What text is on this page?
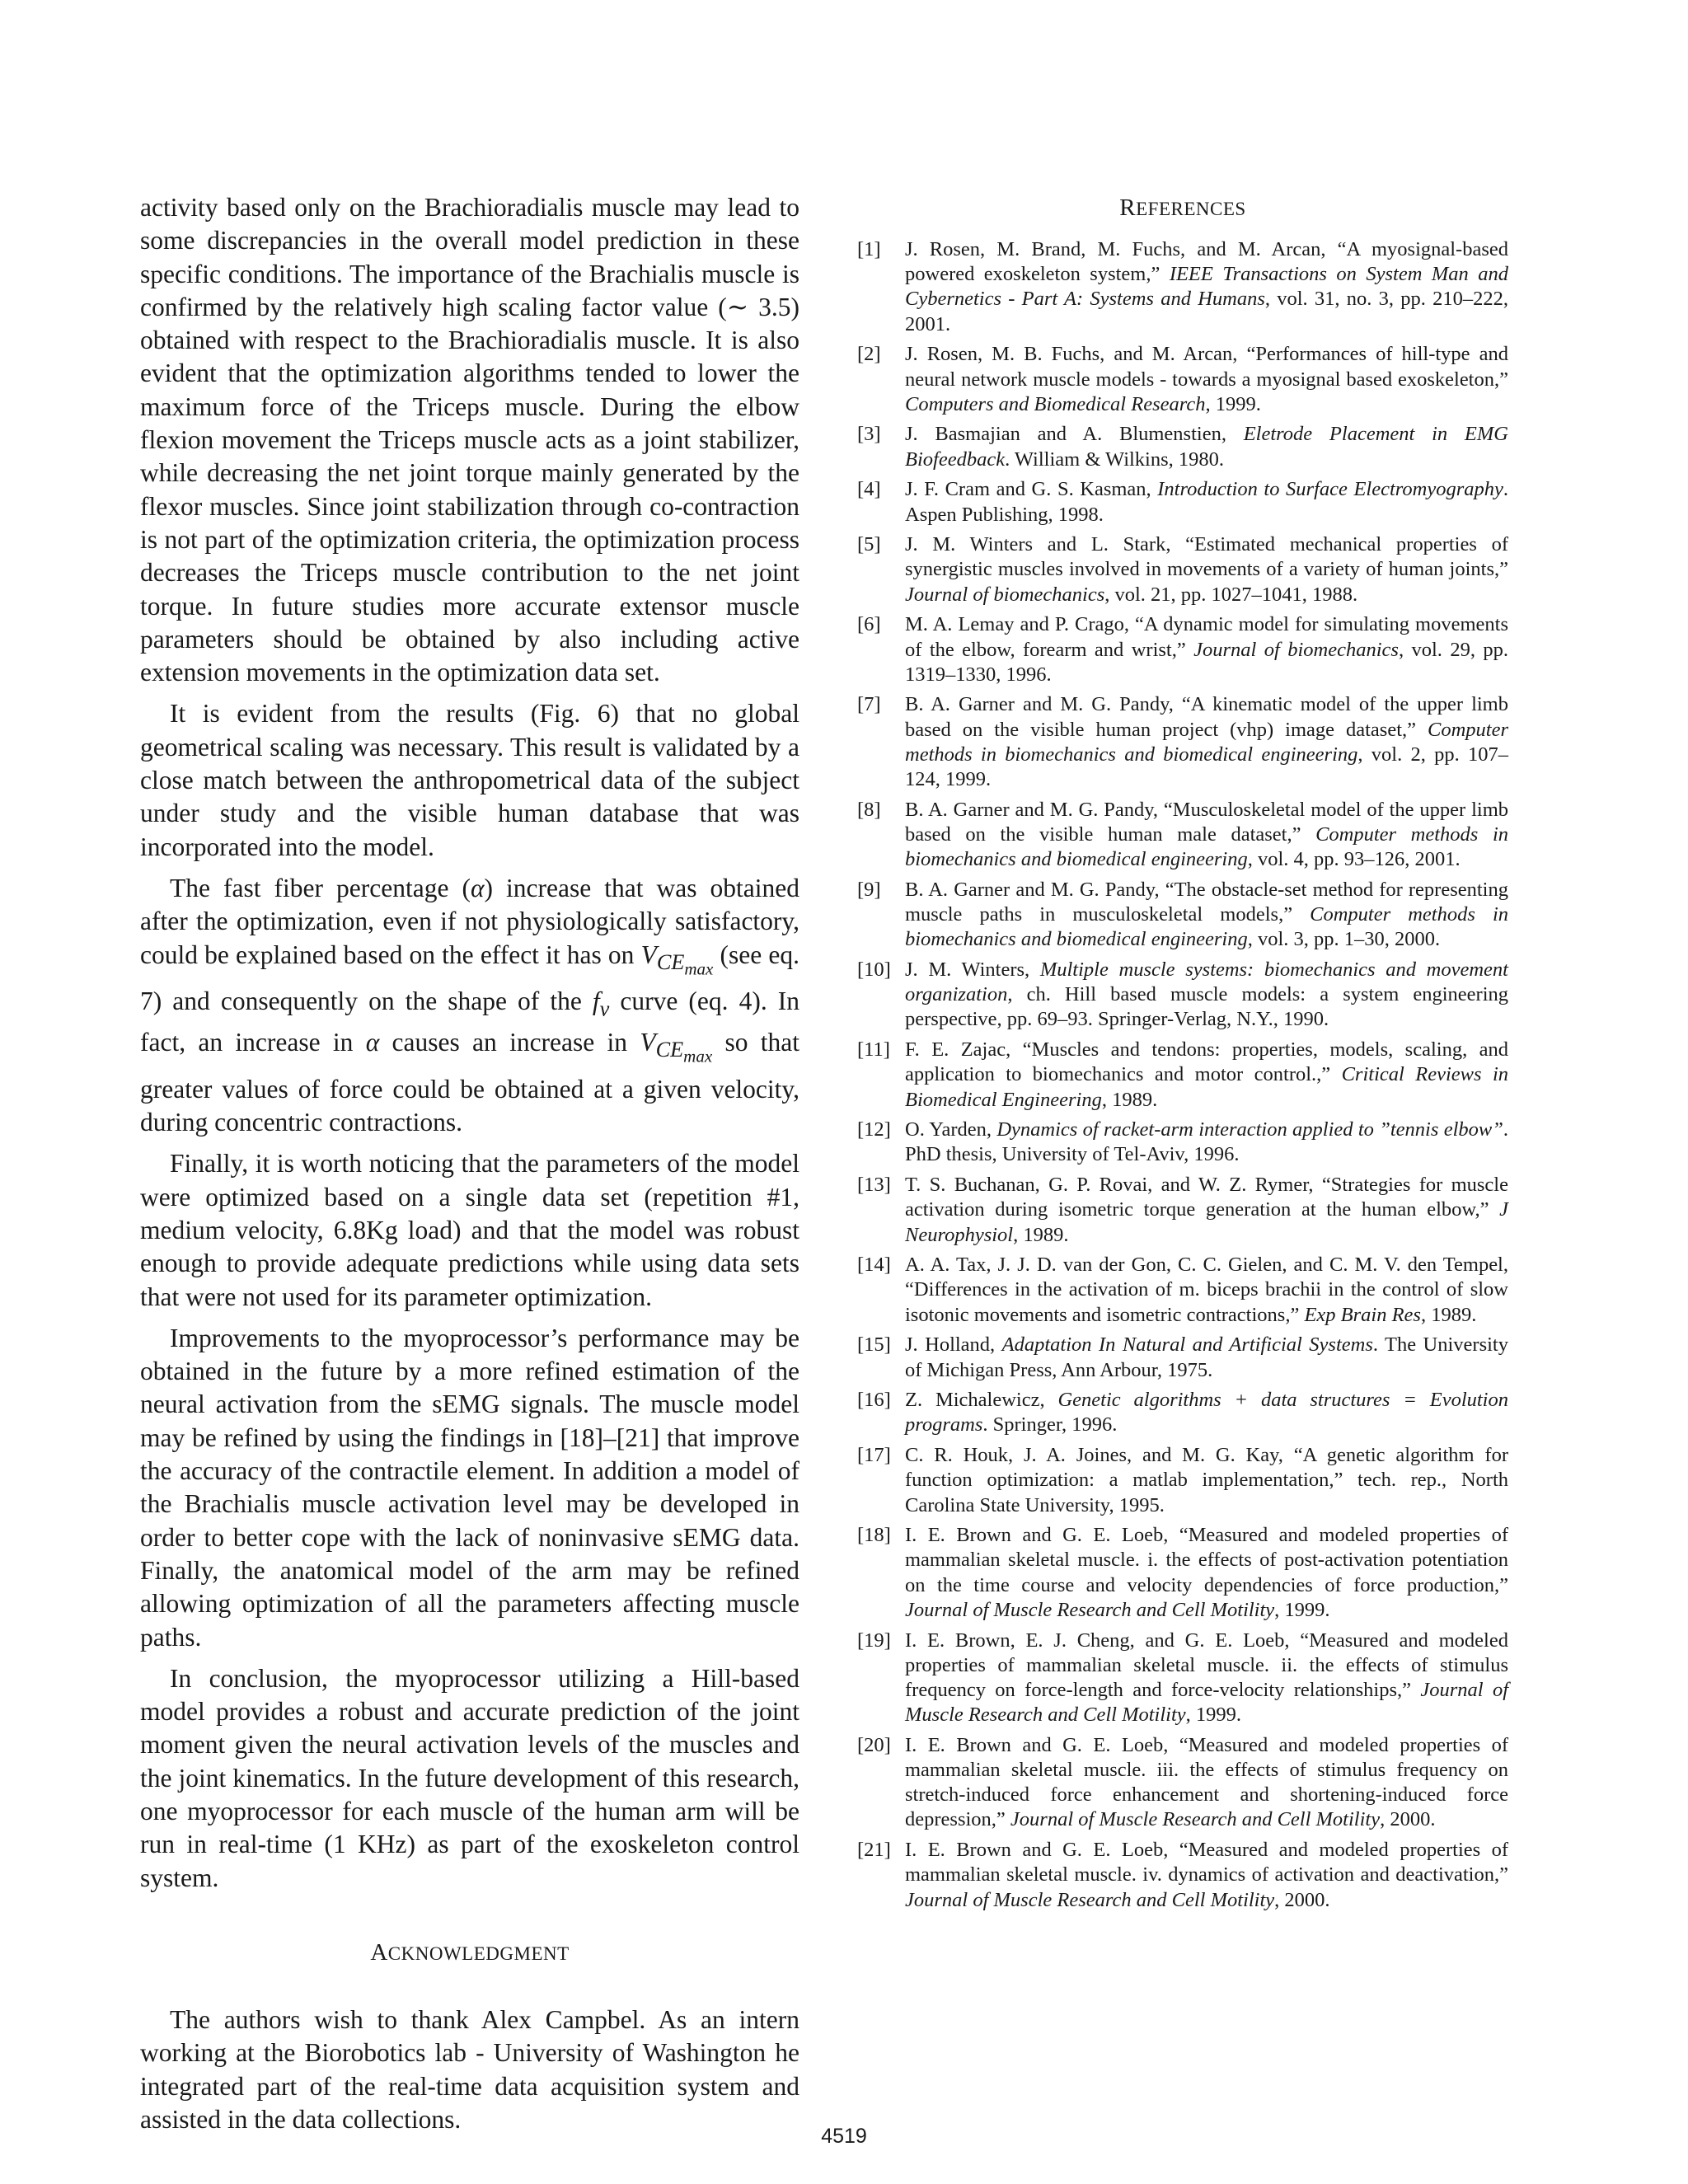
activity based only on the Brachioradialis muscle may lead to some discrepancies in the overall model prediction in these specific conditions. The importance of the Brachialis muscle is confirmed by the relatively high scaling factor value (∼ 3.5) obtained with respect to the Brachioradialis muscle. It is also evident that the optimization algorithms tended to lower the maximum force of the Triceps muscle. During the elbow flexion movement the Triceps muscle acts as a joint stabilizer, while decreasing the net joint torque mainly generated by the flexor muscles. Since joint stabilization through co-contraction is not part of the optimization criteria, the optimization process decreases the Triceps muscle contribution to the net joint torque. In future studies more accurate extensor muscle parameters should be obtained by also including active extension movements in the optimization data set.

It is evident from the results (Fig. 6) that no global geometrical scaling was necessary. This result is validated by a close match between the anthropometrical data of the subject under study and the visible human database that was incorporated into the model.

The fast fiber percentage (α) increase that was obtained after the optimization, even if not physiologically satisfactory, could be explained based on the effect it has on $V_{CE_{max}}$ (see eq. 7) and consequently on the shape of the $f_v$ curve (eq. 4). In fact, an increase in α causes an increase in $V_{CE_{max}}$ so that greater values of force could be obtained at a given velocity, during concentric contractions.

Finally, it is worth noticing that the parameters of the model were optimized based on a single data set (repetition #1, medium velocity, 6.8Kg load) and that the model was robust enough to provide adequate predictions while using data sets that were not used for its parameter optimization.

Improvements to the myoprocessor’s performance may be obtained in the future by a more refined estimation of the neural activation from the sEMG signals. The muscle model may be refined by using the findings in [18]–[21] that improve the accuracy of the contractile element. In addition a model of the Brachialis muscle activation level may be developed in order to better cope with the lack of noninvasive sEMG data. Finally, the anatomical model of the arm may be refined allowing optimization of all the parameters affecting muscle paths.

In conclusion, the myoprocessor utilizing a Hill-based model provides a robust and accurate prediction of the joint moment given the neural activation levels of the muscles and the joint kinematics. In the future development of this research, one myoprocessor for each muscle of the human arm will be run in real-time (1 KHz) as part of the exoskeleton control system.

ACKNOWLEDGMENT

The authors wish to thank Alex Campbel. As an intern working at the Biorobotics lab - University of Washington he integrated part of the real-time data acquisition system and assisted in the data collections.

REFERENCES
[1]	J. Rosen, M. Brand, M. Fuchs, and M. Arcan, “A myosignal-based powered exoskeleton system,” IEEE Transactions on System Man and Cybernetics - Part A: Systems and Humans, vol. 31, no. 3, pp. 210–222, 2001.
[2]	J. Rosen, M. B. Fuchs, and M. Arcan, “Performances of hill-type and neural network muscle models - towards a myosignal based exoskeleton,” Computers and Biomedical Research, 1999.
[3]	J. Basmajian and A. Blumenstien, Eletrode Placement in EMG Biofeedback. William & Wilkins, 1980.
[4]	J. F. Cram and G. S. Kasman, Introduction to Surface Electromyography. Aspen Publishing, 1998.
[5]	J. M. Winters and L. Stark, “Estimated mechanical properties of synergistic muscles involved in movements of a variety of human joints,” Journal of biomechanics, vol. 21, pp. 1027–1041, 1988.
[6]	M. A. Lemay and P. Crago, “A dynamic model for simulating movements of the elbow, forearm and wrist,” Journal of biomechanics, vol. 29, pp. 1319–1330, 1996.
[7]	B. A. Garner and M. G. Pandy, “A kinematic model of the upper limb based on the visible human project (vhp) image dataset,” Computer methods in biomechanics and biomedical engineering, vol. 2, pp. 107–124, 1999.
[8]	B. A. Garner and M. G. Pandy, “Musculoskeletal model of the upper limb based on the visible human male dataset,” Computer methods in biomechanics and biomedical engineering, vol. 4, pp. 93–126, 2001.
[9]	B. A. Garner and M. G. Pandy, “The obstacle-set method for representing muscle paths in musculoskeletal models,” Computer methods in biomechanics and biomedical engineering, vol. 3, pp. 1–30, 2000.
[10] J. M. Winters, Multiple muscle systems: biomechanics and movement organization, ch. Hill based muscle models: a system engineering perspective, pp. 69–93. Springer-Verlag, N.Y., 1990.
[11] F. E. Zajac, “Muscles and tendons: properties, models, scaling, and application to biomechanics and motor control.,” Critical Reviews in Biomedical Engineering, 1989.
[12] O. Yarden, Dynamics of racket-arm interaction applied to ”tennis elbow”. PhD thesis, University of Tel-Aviv, 1996.
[13] T. S. Buchanan, G. P. Rovai, and W. Z. Rymer, “Strategies for muscle activation during isometric torque generation at the human elbow,” J Neurophysiol, 1989.
[14] A. A. Tax, J. J. D. van der Gon, C. C. Gielen, and C. M. V. den Tempel, “Differences in the activation of m. biceps brachii in the control of slow isotonic movements and isometric contractions,” Exp Brain Res, 1989.
[15] J. Holland, Adaptation In Natural and Artificial Systems. The University of Michigan Press, Ann Arbour, 1975.
[16] Z. Michalewicz, Genetic algorithms + data structures = Evolution programs. Springer, 1996.
[17] C. R. Houk, J. A. Joines, and M. G. Kay, “A genetic algorithm for function optimization: a matlab implementation,” tech. rep., North Carolina State University, 1995.
[18] I. E. Brown and G. E. Loeb, “Measured and modeled properties of mammalian skeletal muscle. i. the effects of post-activation potentiation on the time course and velocity dependencies of force production,” Journal of Muscle Research and Cell Motility, 1999.
[19] I. E. Brown, E. J. Cheng, and G. E. Loeb, “Measured and modeled properties of mammalian skeletal muscle. ii. the effects of stimulus frequency on force-length and force-velocity relationships,” Journal of Muscle Research and Cell Motility, 1999.
[20] I. E. Brown and G. E. Loeb, “Measured and modeled properties of mammalian skeletal muscle. iii. the effects of stimulus frequency on stretch-induced force enhancement and shortening-induced force depression,” Journal of Muscle Research and Cell Motility, 2000.
[21] I. E. Brown and G. E. Loeb, “Measured and modeled properties of mammalian skeletal muscle. iv. dynamics of activation and deactivation,” Journal of Muscle Research and Cell Motility, 2000.
4519
